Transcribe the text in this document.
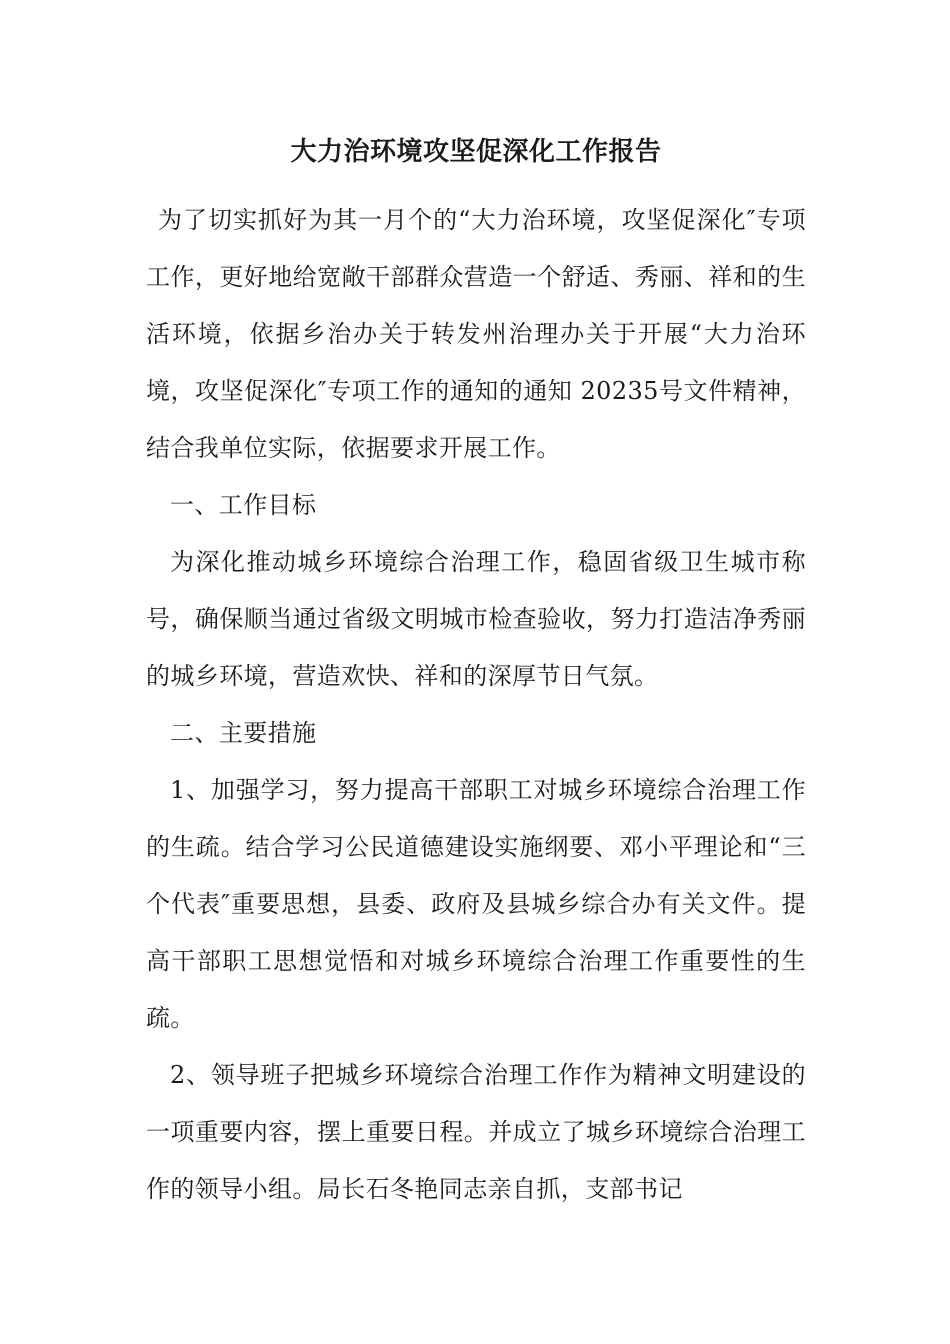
大力治环境攻坚促深化工作报告

为了切实抓好为其一月个的“大力治环境，攻坚促深化″专项工作，更好地给宽敞干部群众营造一个舒适、秀丽、祥和的生活环境，依据乡治办关于转发州治理办关于开展“大力治环境，攻坚促深化″专项工作的通知的通知 20235号文件精神，结合我单位实际，依据要求开展工作。

一、工作目标

为深化推动城乡环境综合治理工作，稳固省级卫生城市称号，确保顺当通过省级文明城市检查验收，努力打造洁净秀丽的城乡环境，营造欢快、祥和的深厚节日气氛。

二、主要措施

1、加强学习，努力提高干部职工对城乡环境综合治理工作的生疏。结合学习公民道德建设实施纲要、邓小平理论和“三个代表″重要思想，县委、政府及县城乡综合办有关文件。提高干部职工思想觉悟和对城乡环境综合治理工作重要性的生疏。

2、领导班子把城乡环境综合治理工作作为精神文明建设的一项重要内容，摆上重要日程。并成立了城乡环境综合治理工作的领导小组。局长石冬艳同志亲自抓，支部书记
